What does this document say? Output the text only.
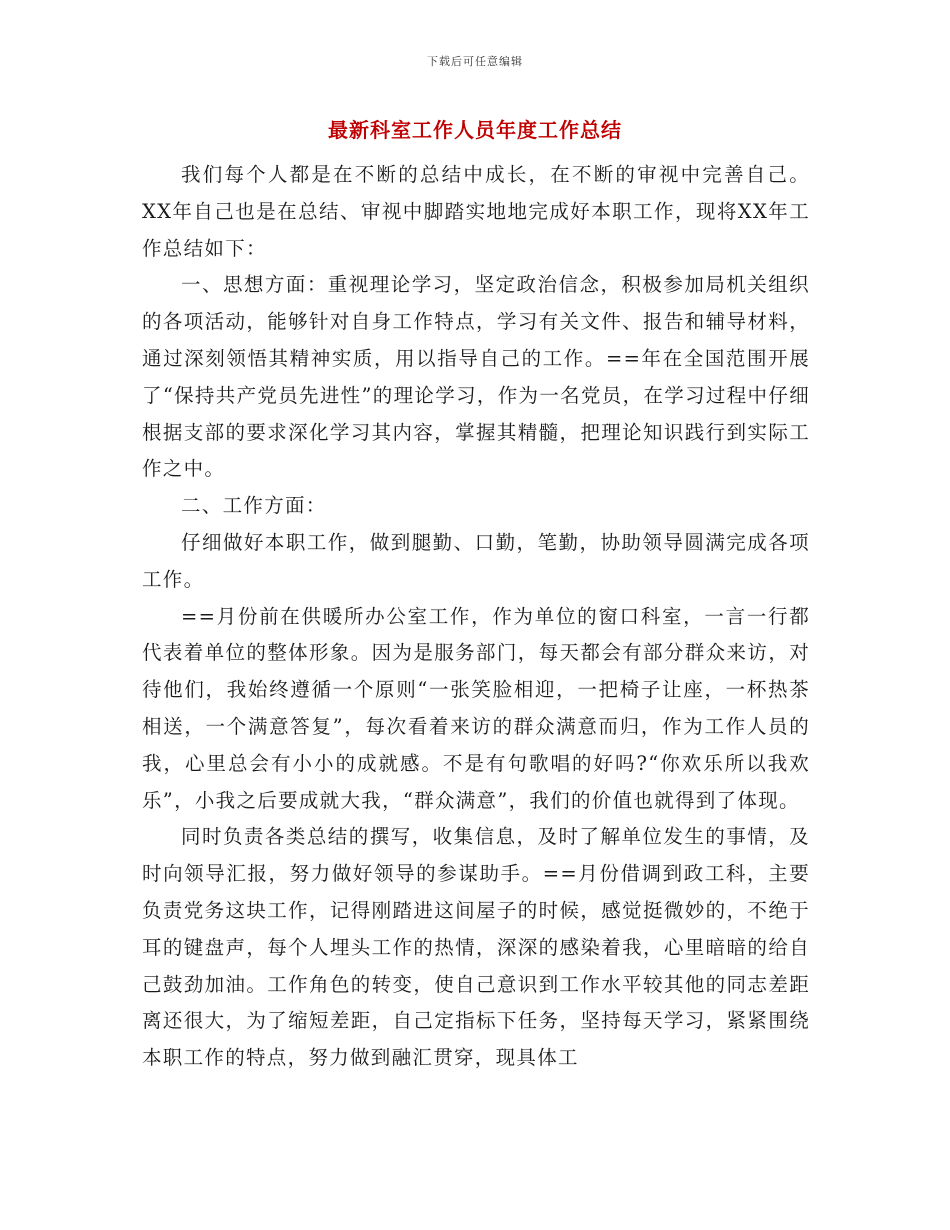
下载后可任意编辑
最新科室工作人员年度工作总结

我们每个人都是在不断的总结中成长，在不断的审视中完善自己。XX年自己也是在总结、审视中脚踏实地地完成好本职工作，现将XX年工作总结如下：

一、思想方面：重视理论学习，坚定政治信念，积极参加局机关组织的各项活动，能够针对自身工作特点，学习有关文件、报告和辅导材料，通过深刻领悟其精神实质，用以指导自己的工作。==年在全国范围开展了“保持共产党员先进性”的理论学习，作为一名党员，在学习过程中仔细根据支部的要求深化学习其内容，掌握其精髓，把理论知识践行到实际工作之中。

二、工作方面：

仔细做好本职工作，做到腿勤、口勤，笔勤，协助领导圆满完成各项工作。

==月份前在供暖所办公室工作，作为单位的窗口科室，一言一行都代表着单位的整体形象。因为是服务部门，每天都会有部分群众来访，对待他们，我始终遵循一个原则“一张笑脸相迎，一把椅子让座，一杯热茶相送，一个满意答复”，每次看着来访的群众满意而归，作为工作人员的我，心里总会有小小的成就感。不是有句歌唱的好吗?“你欢乐所以我欢乐”，小我之后要成就大我，“群众满意”，我们的价值也就得到了体现。

同时负责各类总结的撰写，收集信息，及时了解单位发生的事情，及时向领导汇报，努力做好领导的参谋助手。==月份借调到政工科，主要负责党务这块工作，记得刚踏进这间屋子的时候，感觉挺微妙的，不绝于耳的键盘声，每个人埋头工作的热情，深深的感染着我，心里暗暗的给自己鼓劲加油。工作角色的转变，使自己意识到工作水平较其他的同志差距离还很大，为了缩短差距，自己定指标下任务，坚持每天学习，紧紧围绕本职工作的特点，努力做到融汇贯穿，现具体工
